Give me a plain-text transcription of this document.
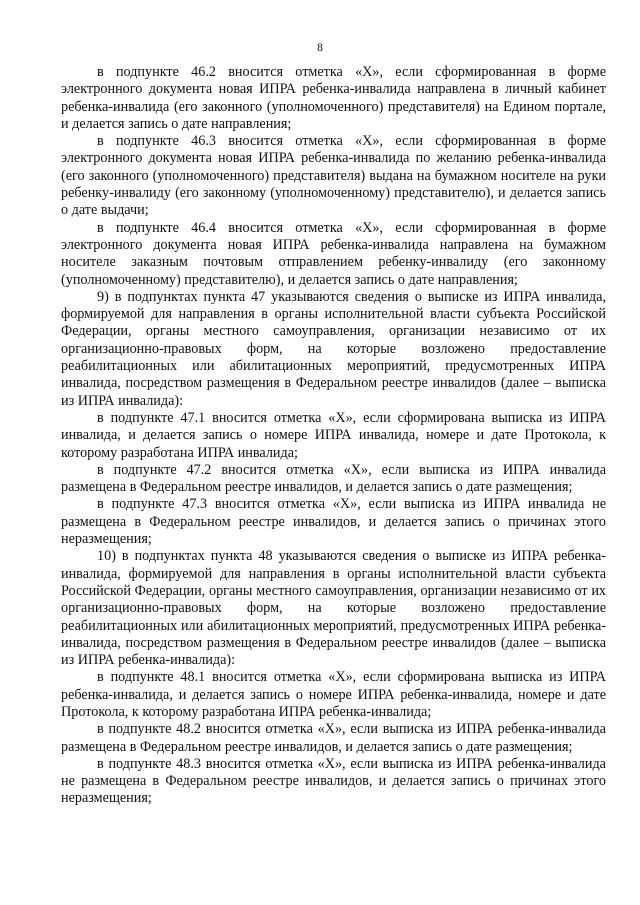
8

в подпункте 46.2 вносится отметка «Х», если сформированная в форме электронного документа новая ИПРА ребенка-инвалида направлена в личный кабинет ребенка-инвалида (его законного (уполномоченного) представителя) на Едином портале, и делается запись о дате направления;

в подпункте 46.3 вносится отметка «Х», если сформированная в форме электронного документа новая ИПРА ребенка-инвалида по желанию ребенка-инвалида (его законного (уполномоченного) представителя) выдана на бумажном носителе на руки ребенку-инвалиду (его законному (уполномоченному) представителю), и делается запись о дате выдачи;

в подпункте 46.4 вносится отметка «Х», если сформированная в форме электронного документа новая ИПРА ребенка-инвалида направлена на бумажном носителе заказным почтовым отправлением ребенку-инвалиду (его законному (уполномоченному) представителю), и делается запись о дате направления;

9) в подпунктах пункта 47 указываются сведения о выписке из ИПРА инвалида, формируемой для направления в органы исполнительной власти субъекта Российской Федерации, органы местного самоуправления, организации независимо от их организационно-правовых форм, на которые возложено предоставление реабилитационных или абилитационных мероприятий, предусмотренных ИПРА инвалида, посредством размещения в Федеральном реестре инвалидов (далее – выписка из ИПРА инвалида):

в подпункте 47.1 вносится отметка «Х», если сформирована выписка из ИПРА инвалида, и делается запись о номере ИПРА инвалида, номере и дате Протокола, к которому разработана ИПРА инвалида;

в подпункте 47.2 вносится отметка «Х», если выписка из ИПРА инвалида размещена в Федеральном реестре инвалидов, и делается запись о дате размещения;

в подпункте 47.3 вносится отметка «Х», если выписка из ИПРА инвалида не размещена в Федеральном реестре инвалидов, и делается запись о причинах этого неразмещения;

10) в подпунктах пункта 48 указываются сведения о выписке из ИПРА ребенка-инвалида, формируемой для направления в органы исполнительной власти субъекта Российской Федерации, органы местного самоуправления, организации независимо от их организационно-правовых форм, на которые возложено предоставление реабилитационных или абилитационных мероприятий, предусмотренных ИПРА ребенка-инвалида, посредством размещения в Федеральном реестре инвалидов (далее – выписка из ИПРА ребенка-инвалида):

в подпункте 48.1 вносится отметка «Х», если сформирована выписка из ИПРА ребенка-инвалида, и делается запись о номере ИПРА ребенка-инвалида, номере и дате Протокола, к которому разработана ИПРА ребенка-инвалида;

в подпункте 48.2 вносится отметка «Х», если выписка из ИПРА ребенка-инвалида размещена в Федеральном реестре инвалидов, и делается запись о дате размещения;

в подпункте 48.3 вносится отметка «Х», если выписка из ИПРА ребенка-инвалида не размещена в Федеральном реестре инвалидов, и делается запись о причинах этого неразмещения;
